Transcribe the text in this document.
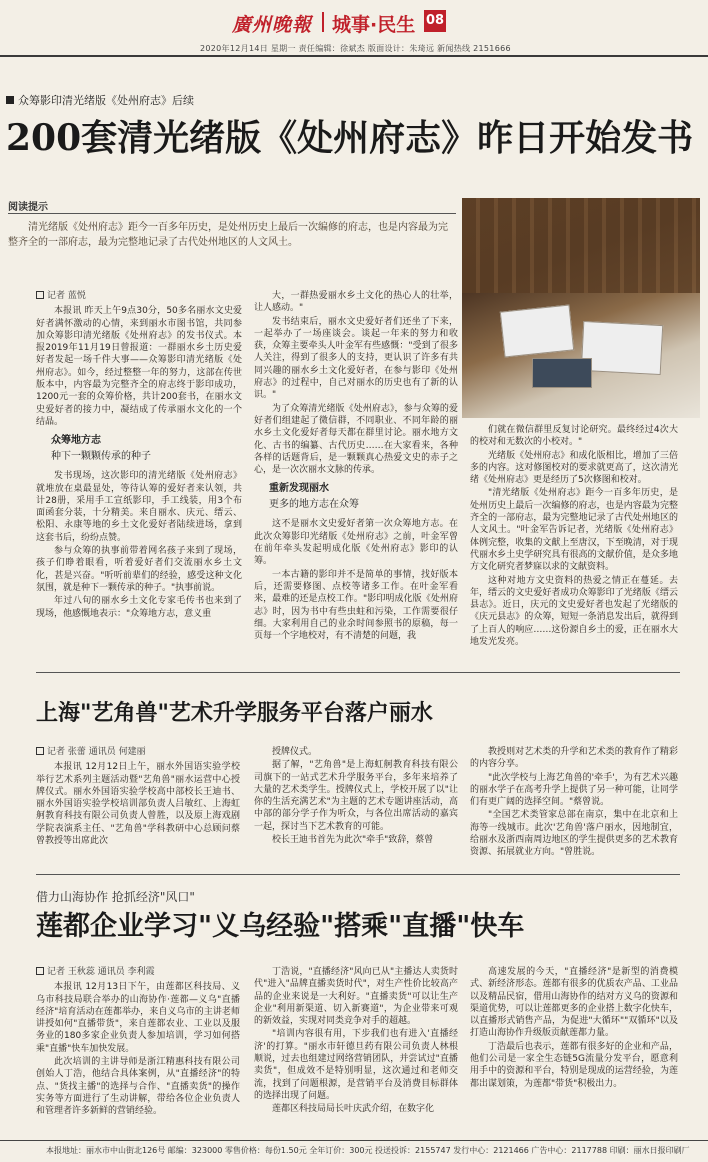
廣州晚報 城事·民生 08
2020年12月14日 星期一 责任编辑：徐斌杰 版面设计：朱琦远 新闻热线 2151666
众筹影印清光绪版《处州府志》后续
200套清光绪版《处州府志》昨日开始发书
阅读提示
清光绪版《处州府志》距今一百多年历史，是处州历史上最后一次编修的府志，也是内容最为完整齐全的一部府志，最为完整地记录了古代处州地区的人文风土。
记者 蓝悦

本报讯 昨天上午9点30分，50多名丽水文史爱好者满怀激动的心情，来到丽水市图书馆，共同参加众筹影印清光绪版《处州府志》的发书仪式。本报2019年11月19日曾报道：一群丽水乡土历史爱好者发起一场千件大事——众筹影印清光绪版《处州府志》。如今，经过整整一年的努力，这部在传世版本中，内容最为完整齐全的府志终于影印成功，1200元一套的众筹价格，共计200套书，在丽水文史爱好者的接力中，凝结成了传承丽水文化的一个结晶。

众筹地方志
种下一颗颗传承的种子

发书现场，这次影印的清光绪版《处州府志》就堆放在桌最显处，等待认筹的爱好者来认领，共计28册，采用手工宣纸影印，手工线装，用3个布面函套分装，十分精美。来自丽水、庆元、缙云、松阳、永康等地的乡土文化爱好者陆续进场，拿到这套书后，纷纷点赞。

参与众筹的执事前带着网名孩子来到了现场，孩子们睁着眼看，听着爱好者们交流丽水乡土文化，甚是兴奋。"听听前辈们的经验，感受这种文化氛围，就是种下一颗传承的种子。"执事前说。

年过八旬的丽水乡土文化专家毛传书也来到了现场，他感慨地表示："众筹地方志，意义重

大，一群热爱丽水乡土文化的热心人的壮举，让人感动。"

发书结束后，丽水文史爱好者们还坐了下来，一起举办了一场座谈会。谈起一年来的努力和收获，众筹主要牵头人叶金军有些感慨："受到了很多人关注，得到了很多人的支持，更认识了许多有共同兴趣的丽水乡土文化爱好者，在参与影印《处州府志》的过程中，自己对丽水的历史也有了新的认识。"

为了众筹清光绪版《处州府志》，参与众筹的爱好者们组建起了微信群，不同职业、不同年龄的丽水乡土文化爱好者每天都在群里讨论。丽水地方文化、古书的编纂、古代历史……在大家看来，各种各样的话题背后，是一颗颗真心热爱文史的赤子之心，是一次次丽水文脉的传承。

重新发现丽水
更多的地方志在众筹

这不是丽水文史爱好者第一次众筹地方志。在此次众筹影印光绪版《处州府志》之前，叶金军曾在前年牵头发起明成化版《处州府志》影印的认筹。

一本古籍的影印并不是简单的事情，找好版本后，还需要修图、点校等诸多工作。在叶金军看来，最难的还是点校工作。"影印明成化版《处州府志》时，因为书中有些虫蛀和污染，工作需要很仔细。大家利用自己的业余时间参照书的原稿，每一页每一个字地校对，有不清楚的问题，我

们就在微信群里反复讨论研究。最终经过4次大的校对和无数次的小校对。"

光绪版《处州府志》和成化版相比，增加了三倍多的内容。这对修图校对的要求就更高了，这次清光绪《处州府志》更是经历了5次修图和校对。

"清光绪版《处州府志》距今一百多年历史，是处州历史上最后一次编修的府志，也是内容最为完整齐全的一部府志，最为完整地记录了古代处州地区的人文风土。"叶金军告诉记者，光绪版《处州府志》体例完整，收集的文献上至唐汉，下至晚清，对于现代丽水乡土史学研究具有很高的文献价值，是众多地方文化研究者梦寐以求的文献资料。

这种对地方文史资料的热爱之情正在蔓延。去年，缙云的文史爱好者成功众筹影印了光绪版《缙云县志》。近日，庆元的文史爱好者也发起了光绪版的《庆元县志》的众筹，短短一条消息发出后，就得到了上百人的响应……这份源自乡土的爱，正在丽水大地发光发亮。

上海"艺角兽"艺术升学服务平台落户丽水
记者 张蕾 通讯员 何建丽

本报讯 12月12日上午，丽水外国语实验学校举行艺术系列主题活动暨"艺角兽"丽水运营中心授牌仪式。丽水外国语实验学校高中部校长王迪书、丽水外国语实验学校培训部负责人吕敏红、上海虹舸教育科技有限公司负责人曾胜，以及原上海戏剧学院表演系主任、"艺角兽"学科教研中心总顾问蔡曾教授等出席此次

授牌仪式。

据了解，"艺角兽"是上海虹舸教育科技有限公司旗下的一站式艺术升学服务平台，多年来培养了大量的艺术类学生。授牌仪式上，学校开展了以"让你的生活充满艺术"为主题的艺术专题讲座活动，高中部的部分学子作为听众，与各位出席活动的嘉宾一起，探讨当下艺术教育的可能。

校长王迪书首先为此次"牵手"致辞，蔡曾

教授则对艺术类的升学和艺术类的教育作了精彩的内容分享。

"此次学校与上海艺角兽的'牵手'，为有艺术兴趣的丽水学子在高考升学上提供了另一种可能，让同学们有更广阔的选择空间。"蔡曾说。

"全国艺术类管家总部在南京，集中在北京和上海等一线城市。此次'艺角兽'落户丽水，因地制宜，给丽水及浙西南周边地区的学生提供更多的艺术教育资源、拓展就业方向。"曾胜说。

借力山海协作 抢抓经济"风口"
莲都企业学习"义乌经验"搭乘"直播"快车
记者 王秋蕊 通讯员 李利霞

本报讯 12月13日下午，由莲都区科技局、义乌市科技局联合举办的山海协作·莲都—义乌"直播经济"培育活动在莲都举办，来自义乌市的主讲老师讲授如何"直播带货"，来自莲都农业、工业以及服务业的180多家企业负责人参加培训，学习如何搭乘"直播"快车加快发展。

此次培训的主讲导师是浙江精惠科技有限公司创始人丁浩，他结合具体案例，从"直播经济"的特点、"货找主播"的选择与合作、"直播卖货"的操作实务等方面进行了生动讲解，带给各位企业负责人和管理者许多新鲜的营销经验。

丁浩说，"直播经济"风向已从"主播达人卖货时代"进入"品牌直播卖货时代"，对生产性价比较高产品的企业来说是一大利好。"直播卖货"可以让生产企业"利用新渠道、切入新赛道"，为企业带来可观的新效益，实现对同类竞争对手的超越。

"培训内容很有用，下步我们也有进入'直播经济'的打算。"丽水市轩德旦药有限公司负责人林根顺说，过去也组建过网络营销团队，并尝试过"直播卖货"，但成效不是特别明显，这次通过和老师交流，找到了问题根源，是营销平台及消费目标群体的选择出现了问题。

莲都区科技局局长叶庆武介绍，在数字化

高速发展的今天，"直播经济"是新型的消费模式、新经济形态。莲都有很多的优质农产品、工业品以及精品民宿，借用山海协作的结对方义乌的资源和渠道优势，可以让莲都更多的企业搭上数字化快车，以直播形式销售产品，为促进"大循环""双循环"以及打造山海协作升级版贡献莲都力量。

丁浩最后也表示，莲都有很多好的企业和产品，他们公司是一家全生态链5G流量分发平台，愿意利用手中的资源和平台，特别是现成的运营经验，为莲都出谋划策，为莲都"带货"积极出力。

本报地址：丽水市中山街北126号 邮编：323000 零售价格：每份1.50元 全年订价：300元 投送投诉：2155747 发行中心：2121466 广告中心：2117788 印刷：丽水日报印刷厂
